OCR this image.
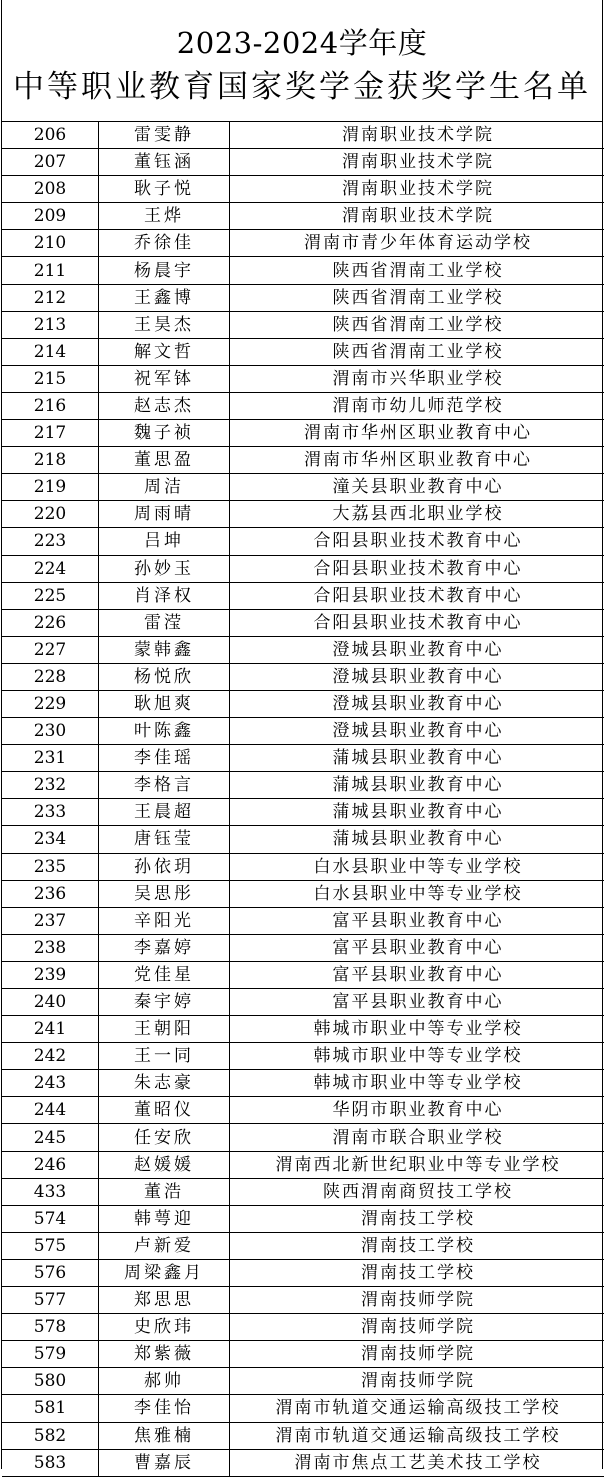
2023-2024学年度
中等职业教育国家奖学金获奖学生名单
206	雷雯静	渭南职业技术学院
207	董钰涵	渭南职业技术学院
208	耿子悦	渭南职业技术学院
209	王烨	渭南职业技术学院
210	乔徐佳	渭南市青少年体育运动学校
211	杨晨宇	陕西省渭南工业学校
212	王鑫博	陕西省渭南工业学校
213	王昊杰	陕西省渭南工业学校
214	解文哲	陕西省渭南工业学校
215	祝军钵	渭南市兴华职业学校
216	赵志杰	渭南市幼儿师范学校
217	魏子祯	渭南市华州区职业教育中心
218	董思盈	渭南市华州区职业教育中心
219	周洁	潼关县职业教育中心
220	周雨晴	大荔县西北职业学校
223	吕坤	合阳县职业技术教育中心
224	孙妙玉	合阳县职业技术教育中心
225	肖泽权	合阳县职业技术教育中心
226	雷滢	合阳县职业技术教育中心
227	蒙韩鑫	澄城县职业教育中心
228	杨悦欣	澄城县职业教育中心
229	耿旭爽	澄城县职业教育中心
230	叶陈鑫	澄城县职业教育中心
231	李佳瑶	蒲城县职业教育中心
232	李格言	蒲城县职业教育中心
233	王晨超	蒲城县职业教育中心
234	唐钰莹	蒲城县职业教育中心
235	孙依玥	白水县职业中等专业学校
236	吴思彤	白水县职业中等专业学校
237	辛阳光	富平县职业教育中心
238	李嘉婷	富平县职业教育中心
239	党佳星	富平县职业教育中心
240	秦宇婷	富平县职业教育中心
241	王朝阳	韩城市职业中等专业学校
242	王一同	韩城市职业中等专业学校
243	朱志豪	韩城市职业中等专业学校
244	董昭仪	华阴市职业教育中心
245	任安欣	渭南市联合职业学校
246	赵媛媛	渭南西北新世纪职业中等专业学校
433	董浩	陕西渭南商贸技工学校
574	韩萼迎	渭南技工学校
575	卢新爱	渭南技工学校
576	周梁鑫月	渭南技工学校
577	郑思思	渭南技师学院
578	史欣玮	渭南技师学院
579	郑紫薇	渭南技师学院
580	郝帅	渭南技师学院
581	李佳怡	渭南市轨道交通运输高级技工学校
582	焦雅楠	渭南市轨道交通运输高级技工学校
583	曹嘉辰	渭南市焦点工艺美术技工学校
